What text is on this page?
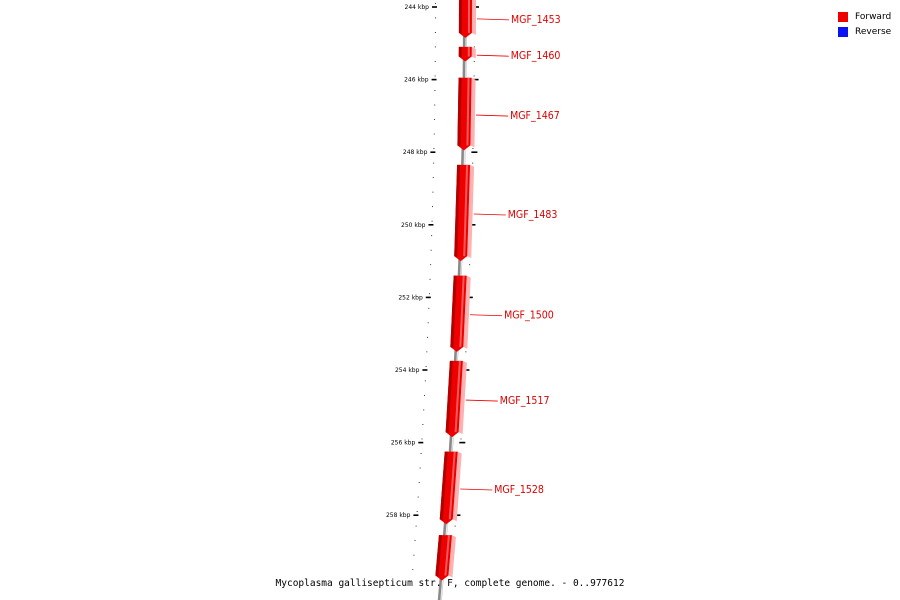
244 kbp
246 kbp
248 kbp
250 kbp
252 kbp
254 kbp
256 kbp
258 kbp
MGF_1453
MGF_1460
MGF_1467
MGF_1483
MGF_1500
MGF_1517
MGF_1528
Forward
Reverse
Mycoplasma gallisepticum str. F, complete genome. - 0..977612
